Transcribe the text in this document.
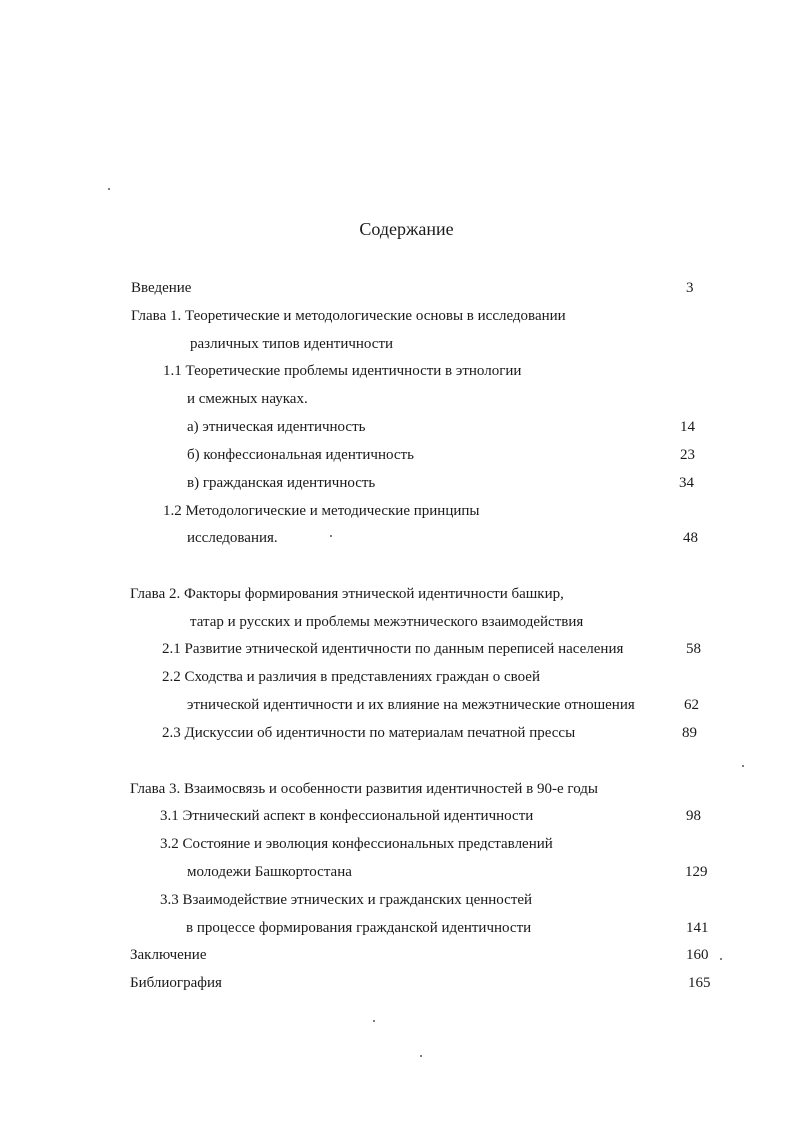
Содержание
Введение	3
Глава 1. Теоретические и методологические основы в исследовании
различных типов идентичности
1.1 Теоретические проблемы идентичности в этнологии
и смежных науках.
а) этническая идентичность	14
б) конфессиональная идентичность	23
в) гражданская идентичность	34
1.2 Методологические и методические принципы
исследования.	48
Глава 2. Факторы формирования этнической идентичности башкир,
татар и русских и проблемы межэтнического взаимодействия
2.1 Развитие этнической идентичности по данным переписей населения	58
2.2 Сходства и различия в представлениях граждан о своей
этнической идентичности и их влияние на межэтнические отношения	62
2.3 Дискуссии об идентичности по материалам печатной прессы	89
Глава 3. Взаимосвязь и особенности развития идентичностей в 90-е годы
3.1 Этнический аспект в конфессиональной идентичности	98
3.2 Состояние и эволюция конфессиональных представлений
молодежи Башкортостана	129
3.3 Взаимодействие этнических и гражданских ценностей
в процессе формирования гражданской идентичности	141
Заключение	160
Библиография	165
